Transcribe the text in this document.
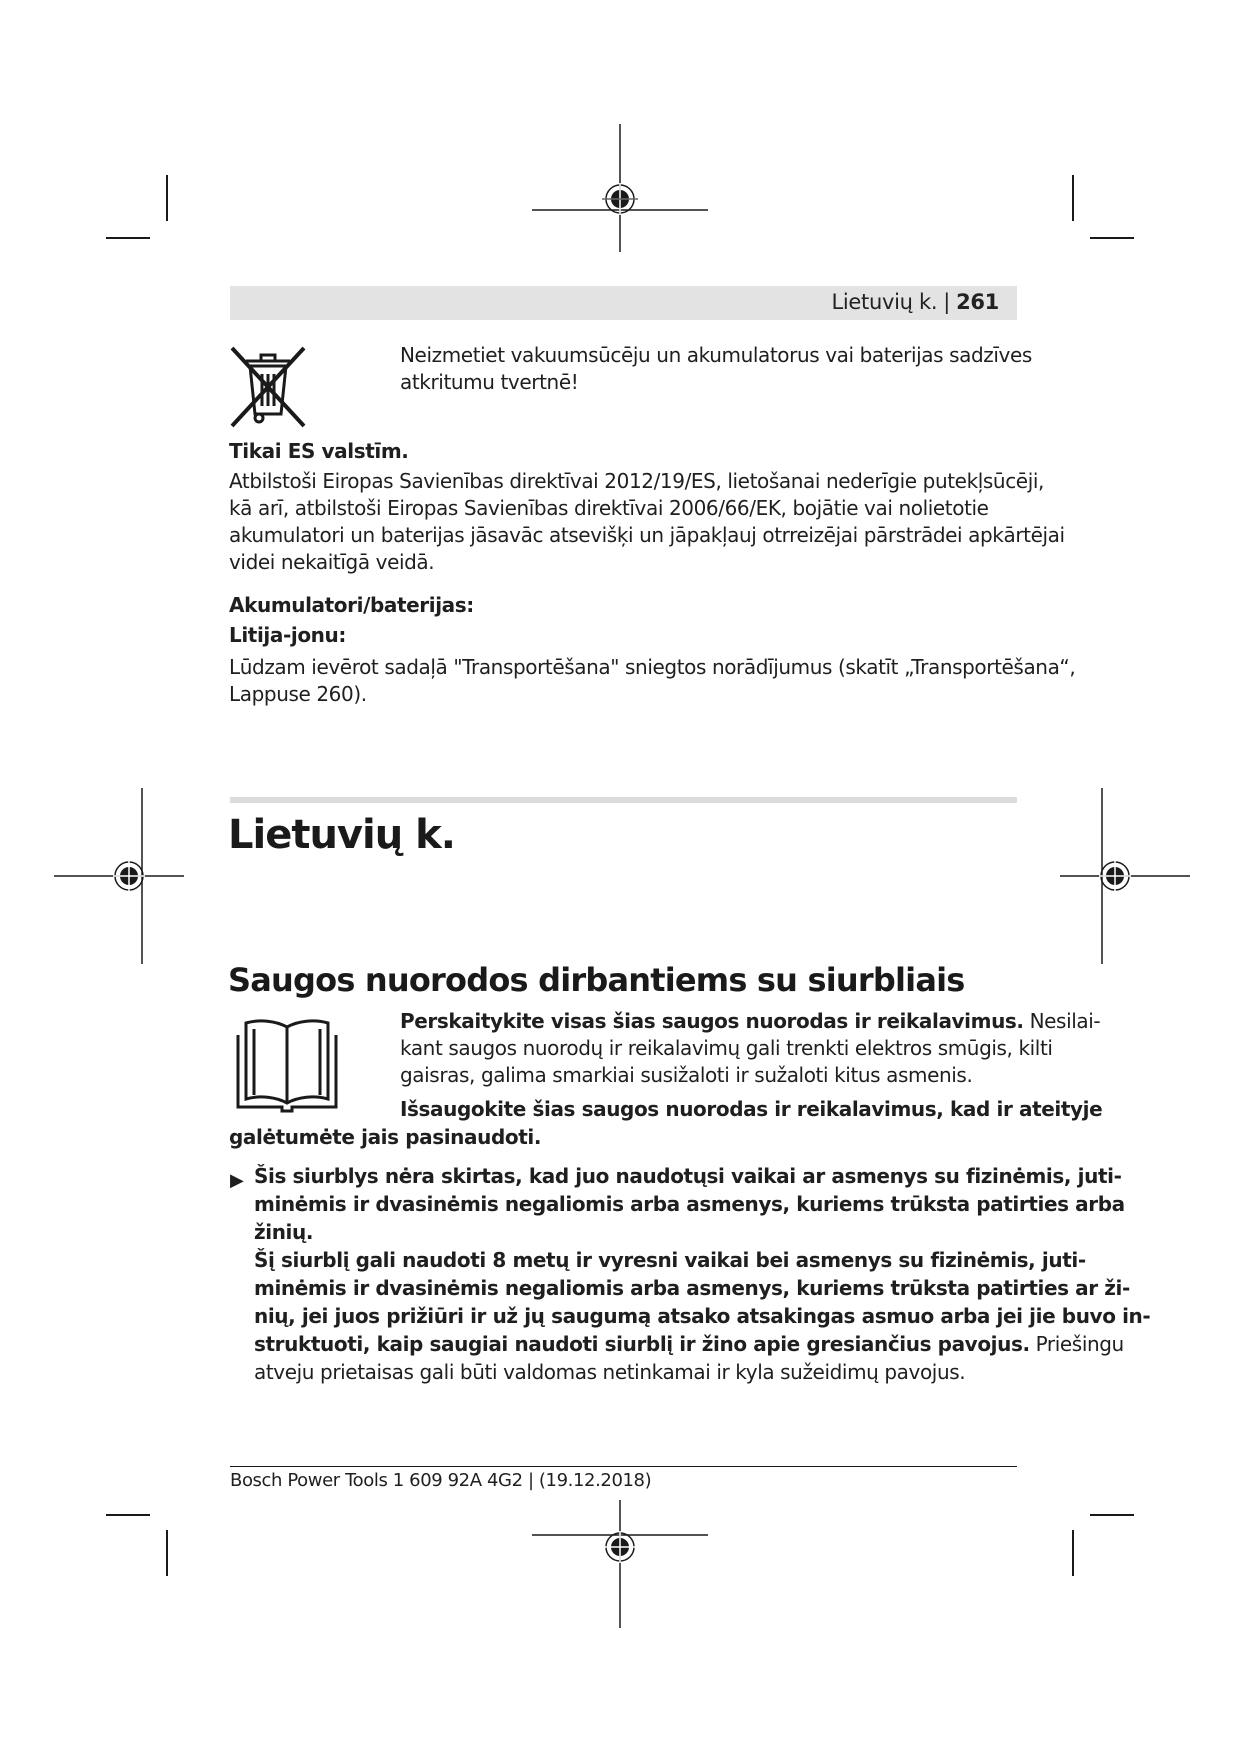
Lietuvių k. | 261
Neizmetiet vakuumsūcēju un akumulatorus vai baterijas sadzīves
atkritumu tvertnē!
Tikai ES valstīm.
Atbilstoši Eiropas Savienības direktīvai 2012/19/ES, lietošanai nederīgie putekļsūcēji,
kā arī, atbilstoši Eiropas Savienības direktīvai 2006/66/EK, bojātie vai nolietotie
akumulatori un baterijas jāsavāc atsevišķi un jāpakļauj otrreizējai pārstrādei apkārtējai
videi nekaitīgā veidā.
Akumulatori/baterijas:
Litija-jonu:
Lūdzam ievērot sadaļā "Transportēšana" sniegtos norādījumus (skatīt „Transportēšana“,
Lappuse 260).
Lietuvių k.
Saugos nuorodos dirbantiems su siurbliais
Perskaitykite visas šias saugos nuorodas ir reikalavimus. Nesilai-
kant saugos nuorodų ir reikalavimų gali trenkti elektros smūgis, kilti
gaisras, galima smarkiai susižaloti ir sužaloti kitus asmenis.
Išsaugokite šias saugos nuorodas ir reikalavimus, kad ir ateityje
galėtumėte jais pasinaudoti.
▶ Šis siurblys nėra skirtas, kad juo naudotųsi vaikai ar asmenys su fizinėmis, juti-
minėmis ir dvasinėmis negaliomis arba asmenys, kuriems trūksta patirties arba
žinių.
Šį siurblį gali naudoti 8 metų ir vyresni vaikai bei asmenys su fizinėmis, juti-
minėmis ir dvasinėmis negaliomis arba asmenys, kuriems trūksta patirties ar ži-
nių, jei juos prižiūri ir už jų saugumą atsako atsakingas asmuo arba jei jie buvo in-
struktuoti, kaip saugiai naudoti siurblį ir žino apie gresiančius pavojus. Priešingu
atveju prietaisas gali būti valdomas netinkamai ir kyla sužeidimų pavojus.
Bosch Power Tools 1 609 92A 4G2 | (19.12.2018)
